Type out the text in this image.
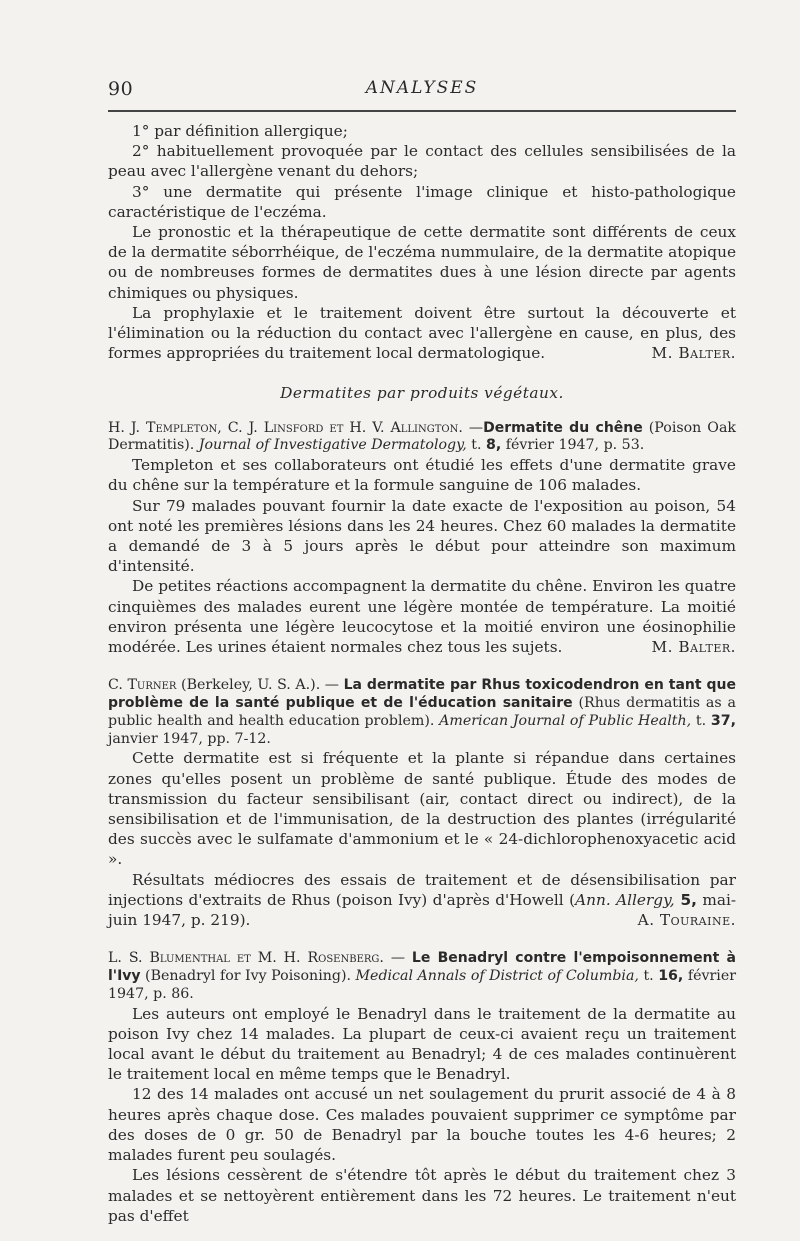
90	ANALYSES

1° par définition allergique;

2° habituellement provoquée par le contact des cellules sensibilisées de la peau avec l'allergène venant du dehors;

3° une dermatite qui présente l'image clinique et histo-pathologique caractéristique de l'eczéma.

Le pronostic et la thérapeutique de cette dermatite sont différents de ceux de la dermatite séborrhéique, de l'eczéma nummulaire, de la dermatite atopique ou de nombreuses formes de dermatites dues à une lésion directe par agents chimiques ou physiques.

La prophylaxie et le traitement doivent être surtout la découverte et l'élimination ou la réduction du contact avec l'allergène en cause, en plus, des formes appropriées du traitement local dermatologique.	M. Balter.

Dermatites par produits végétaux.

H. J. Templeton, C. J. Linsford et H. V. Allington. —Dermatite du chêne (Poison Oak Dermatitis). Journal of Investigative Dermatology, t. 8, février 1947, p. 53.

Templeton et ses collaborateurs ont étudié les effets d'une dermatite grave du chêne sur la température et la formule sanguine de 106 malades.

Sur 79 malades pouvant fournir la date exacte de l'exposition au poison, 54 ont noté les premières lésions dans les 24 heures. Chez 60 malades la dermatite a demandé de 3 à 5 jours après le début pour atteindre son maximum d'intensité.

De petites réactions accompagnent la dermatite du chêne. Environ les quatre cinquièmes des malades eurent une légère montée de température. La moitié environ présenta une légère leucocytose et la moitié environ une éosinophilie modérée. Les urines étaient normales chez tous les sujets.	M. Balter.

C. Turner (Berkeley, U. S. A.). — La dermatite par Rhus toxicodendron en tant que problème de la santé publique et de l'éducation sanitaire (Rhus dermatitis as a public health and health education problem). American Journal of Public Health, t. 37, janvier 1947, pp. 7-12.

Cette dermatite est si fréquente et la plante si répandue dans certaines zones qu'elles posent un problème de santé publique. Étude des modes de transmission du facteur sensibilisant (air, contact direct ou indirect), de la sensibilisation et de l'immunisation, de la destruction des plantes (irrégularité des succès avec le sulfamate d'ammonium et le « 24-dichlorophenoxyacetic acid ».

Résultats médiocres des essais de traitement et de désensibilisation par injections d'extraits de Rhus (poison Ivy) d'après d'Howell (Ann. Allergy, 5, mai-juin 1947, p. 219).	A. Touraine.

L. S. Blumenthal et M. H. Rosenberg. — Le Benadryl contre l'empoisonnement à l'Ivy (Benadryl for Ivy Poisoning). Medical Annals of District of Columbia, t. 16, février 1947, p. 86.

Les auteurs ont employé le Benadryl dans le traitement de la dermatite au poison Ivy chez 14 malades. La plupart de ceux-ci avaient reçu un traitement local avant le début du traitement au Benadryl; 4 de ces malades continuèrent le traitement local en même temps que le Benadryl.

12 des 14 malades ont accusé un net soulagement du prurit associé de 4 à 8 heures après chaque dose. Ces malades pouvaient supprimer ce symptôme par des doses de 0 gr. 50 de Benadryl par la bouche toutes les 4-6 heures; 2 malades furent peu soulagés.

Les lésions cessèrent de s'étendre tôt après le début du traitement chez 3 malades et se nettoyèrent entièrement dans les 72 heures. Le traitement n'eut pas d'effet
